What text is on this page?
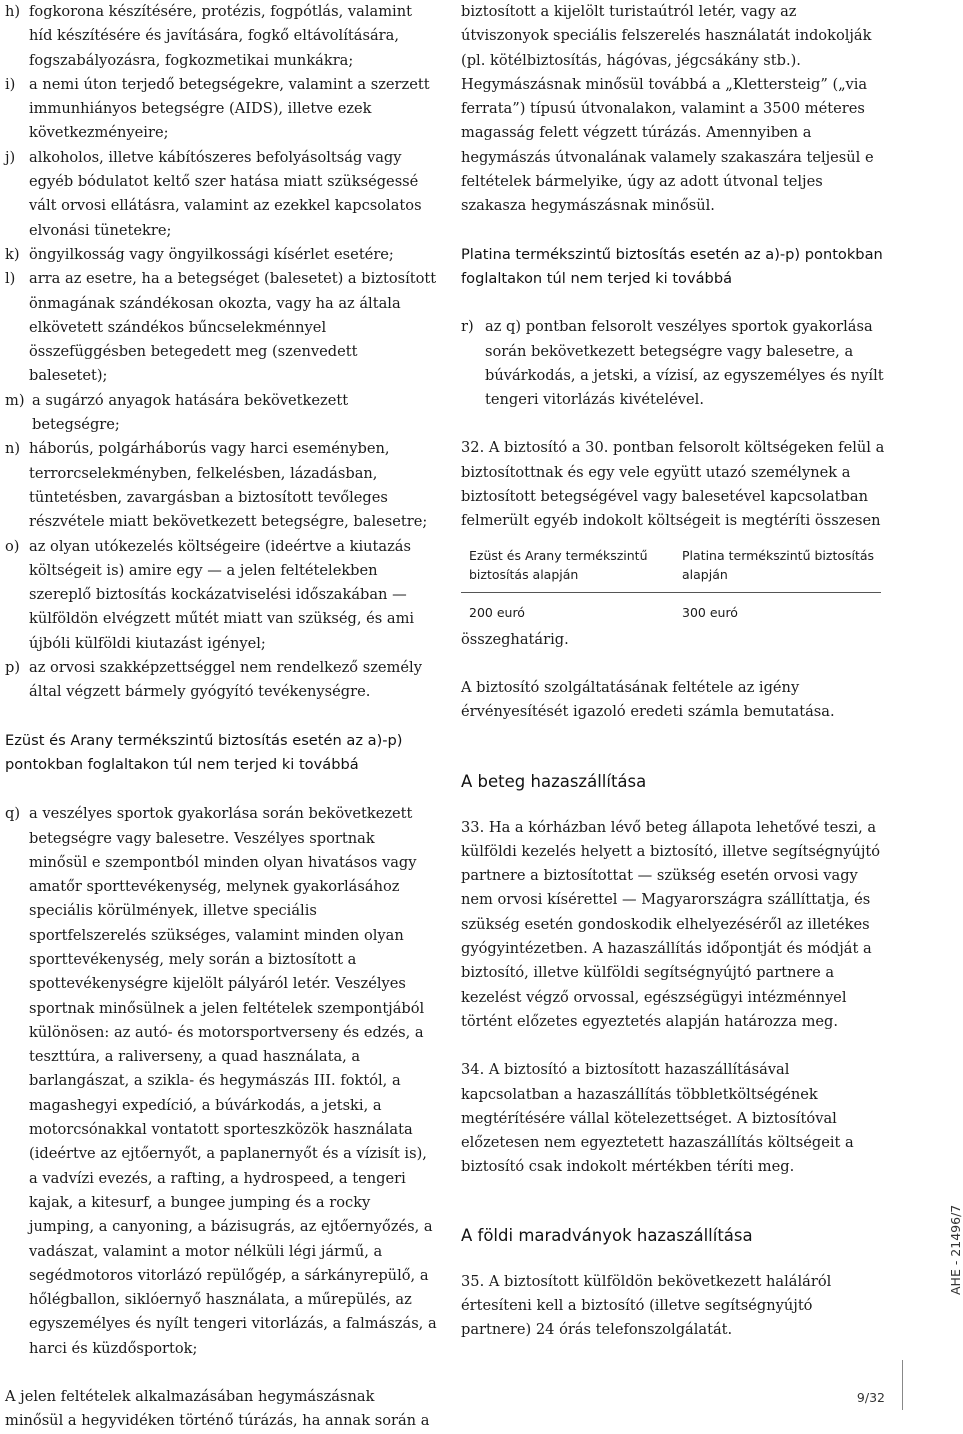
h) fogkorona készítésére, protézis, fogpótlás, valamint híd készítésére és javítására, fogkő eltávolítására, fogszabályozásra, fogkozmetikai munkákra;
i) a nemi úton terjedő betegségekre, valamint a szerzett immunhiányos betegségre (AIDS), illetve ezek következményeire;
j) alkoholos, illetve kábítószeres befolyásoltság vagy egyéb bódulatot keltő szer hatása miatt szükségessé vált orvosi ellátásra, valamint az ezekkel kapcsolatos elvonási tünetekre;
k) öngyilkosság vagy öngyilkossági kísérlet esetére;
l) arra az esetre, ha a betegséget (balesetet) a biztosított önmagának szándékosan okozta, vagy ha az általa elkövetett szándékos bűncselekménnyel összefüggésben betegedett meg (szenvedett balesetet);
m) a sugárzó anyagok hatására bekövetkezett betegségre;
n) háborús, polgárháborús vagy harci eseményben, terrorcselekményben, felkelésben, lázadásban, tüntetésben, zavargásban a biztosított tevőleges részvétele miatt bekövetkezett betegségre, balesetre;
o) az olyan utókezelés költségeire (ideértve a kiutazás költségeit is) amire egy — a jelen feltételekben szereplő biztosítás kockázatviselési időszakában — külföldön elvégzett műtét miatt van szükség, és ami újbóli külföldi kiutazást igényel;
p) az orvosi szakképzettséggel nem rendelkező személy által végzett bármely gyógyító tevékenységre.
Ezüst és Arany termékszintű biztosítás esetén az a)-p) pontokban foglaltakon túl nem terjed ki továbbá
q) a veszélyes sportok gyakorlása során bekövetkezett betegségre vagy balesetre. Veszélyes sportnak minősül e szempontból minden olyan hivatásos vagy amatőr sporttevékenység, melynek gyakorlásához speciális körülmények, illetve speciális sportfelszerelés szükséges, valamint minden olyan sporttevékenység, mely során a biztosított a spottevékenységre kijelölt pályáról letér. Veszélyes sportnak minősülnek a jelen feltételek szempontjából különösen: az autó- és motorsportverseny és edzés, a teszttúra, a raliverseny, a quad használata, a barlangászat, a szikla- és hegymászás III. foktól, a magashegyi expedíció, a búvárkodás, a jetski, a motorcsónakkal vontatott sporteszközök használata (ideértve az ejtőernyőt, a paplanernyőt és a vízisít is), a vadvízi evezés, a rafting, a hydrospeed, a tengeri kajak, a kitesurf, a bungee jumping és a rocky jumping, a canyoning, a bázisugrás, az ejtőernyőzés, a vadászat, valamint a motor nélküli légi jármű, a segédmotoros vitorlázó repülőgép, a sárkányrepülő, a hőlégballon, siklóernyő használata, a műrepülés, az egyszemélyes és nyílt tengeri vitorlázás, a falmászás, a harci és küzdősportok;

A jelen feltételek alkalmazásában hegymászásnak minősül a hegyvidéken történő túrázás, ha annak során a

biztosított a kijelölt turistaútról letér, vagy az útviszonyok speciális felszerelés használatát indokolják (pl. kötélbiztosítás, hágóvas, jégcsákány stb.). Hegymászásnak minősül továbbá a „Klettersteig” („via ferrata”) típusú útvonalakon, valamint a 3500 méteres magasság felett végzett túrázás. Amennyiben a hegymászás útvonalának valamely szakaszára teljesül e feltételek bármelyike, úgy az adott útvonal teljes szakasza hegymászásnak minősül.

Platina termékszintű biztosítás esetén az a)-p) pontokban foglaltakon túl nem terjed ki továbbá
r) az q) pontban felsorolt veszélyes sportok gyakorlása során bekövetkezett betegségre vagy balesetre, a búvárkodás, a jetski, a vízisí, az egyszemélyes és nyílt tengeri vitorlázás kivételével.

32. A biztosító a 30. pontban felsorolt költségeken felül a biztosítottnak és egy vele együtt utazó személynek a biztosított betegségével vagy balesetével kapcsolatban felmerült egyéb indokolt költségeit is megtéríti összesen

Ezüst és Arany termékszintű biztosítás alapján	Platina termékszintű biztosítás alapján
200 euró	300 euró

összeghatárig.

A biztosító szolgáltatásának feltétele az igény érvényesítését igazoló eredeti számla bemutatása.

A beteg hazaszállítása

33. Ha a kórházban lévő beteg állapota lehetővé teszi, a külföldi kezelés helyett a biztosító, illetve segítségnyújtó partnere a biztosítottat — szükség esetén orvosi vagy nem orvosi kísérettel — Magyarországra szállíttatja, és szükség esetén gondoskodik elhelyezéséről az illetékes gyógyintézetben. A hazaszállítás időpontját és módját a biztosító, illetve külföldi segítségnyújtó partnere a kezelést végző orvossal, egészségügyi intézménnyel történt előzetes egyeztetés alapján határozza meg.

34. A biztosító a biztosított hazaszállításával kapcsolatban a hazaszállítás többletköltségének megtérítésére vállal kötelezettséget. A biztosítóval előzetesen nem egyeztetett hazaszállítás költségeit a biztosító csak indokolt mértékben téríti meg.

A földi maradványok hazaszállítása

35. A biztosított külföldön bekövetkezett haláláról értesíteni kell a biztosító (illetve segítségnyújtó partnere) 24 órás telefonszolgálatát.

AHE - 21496/7
9/32
